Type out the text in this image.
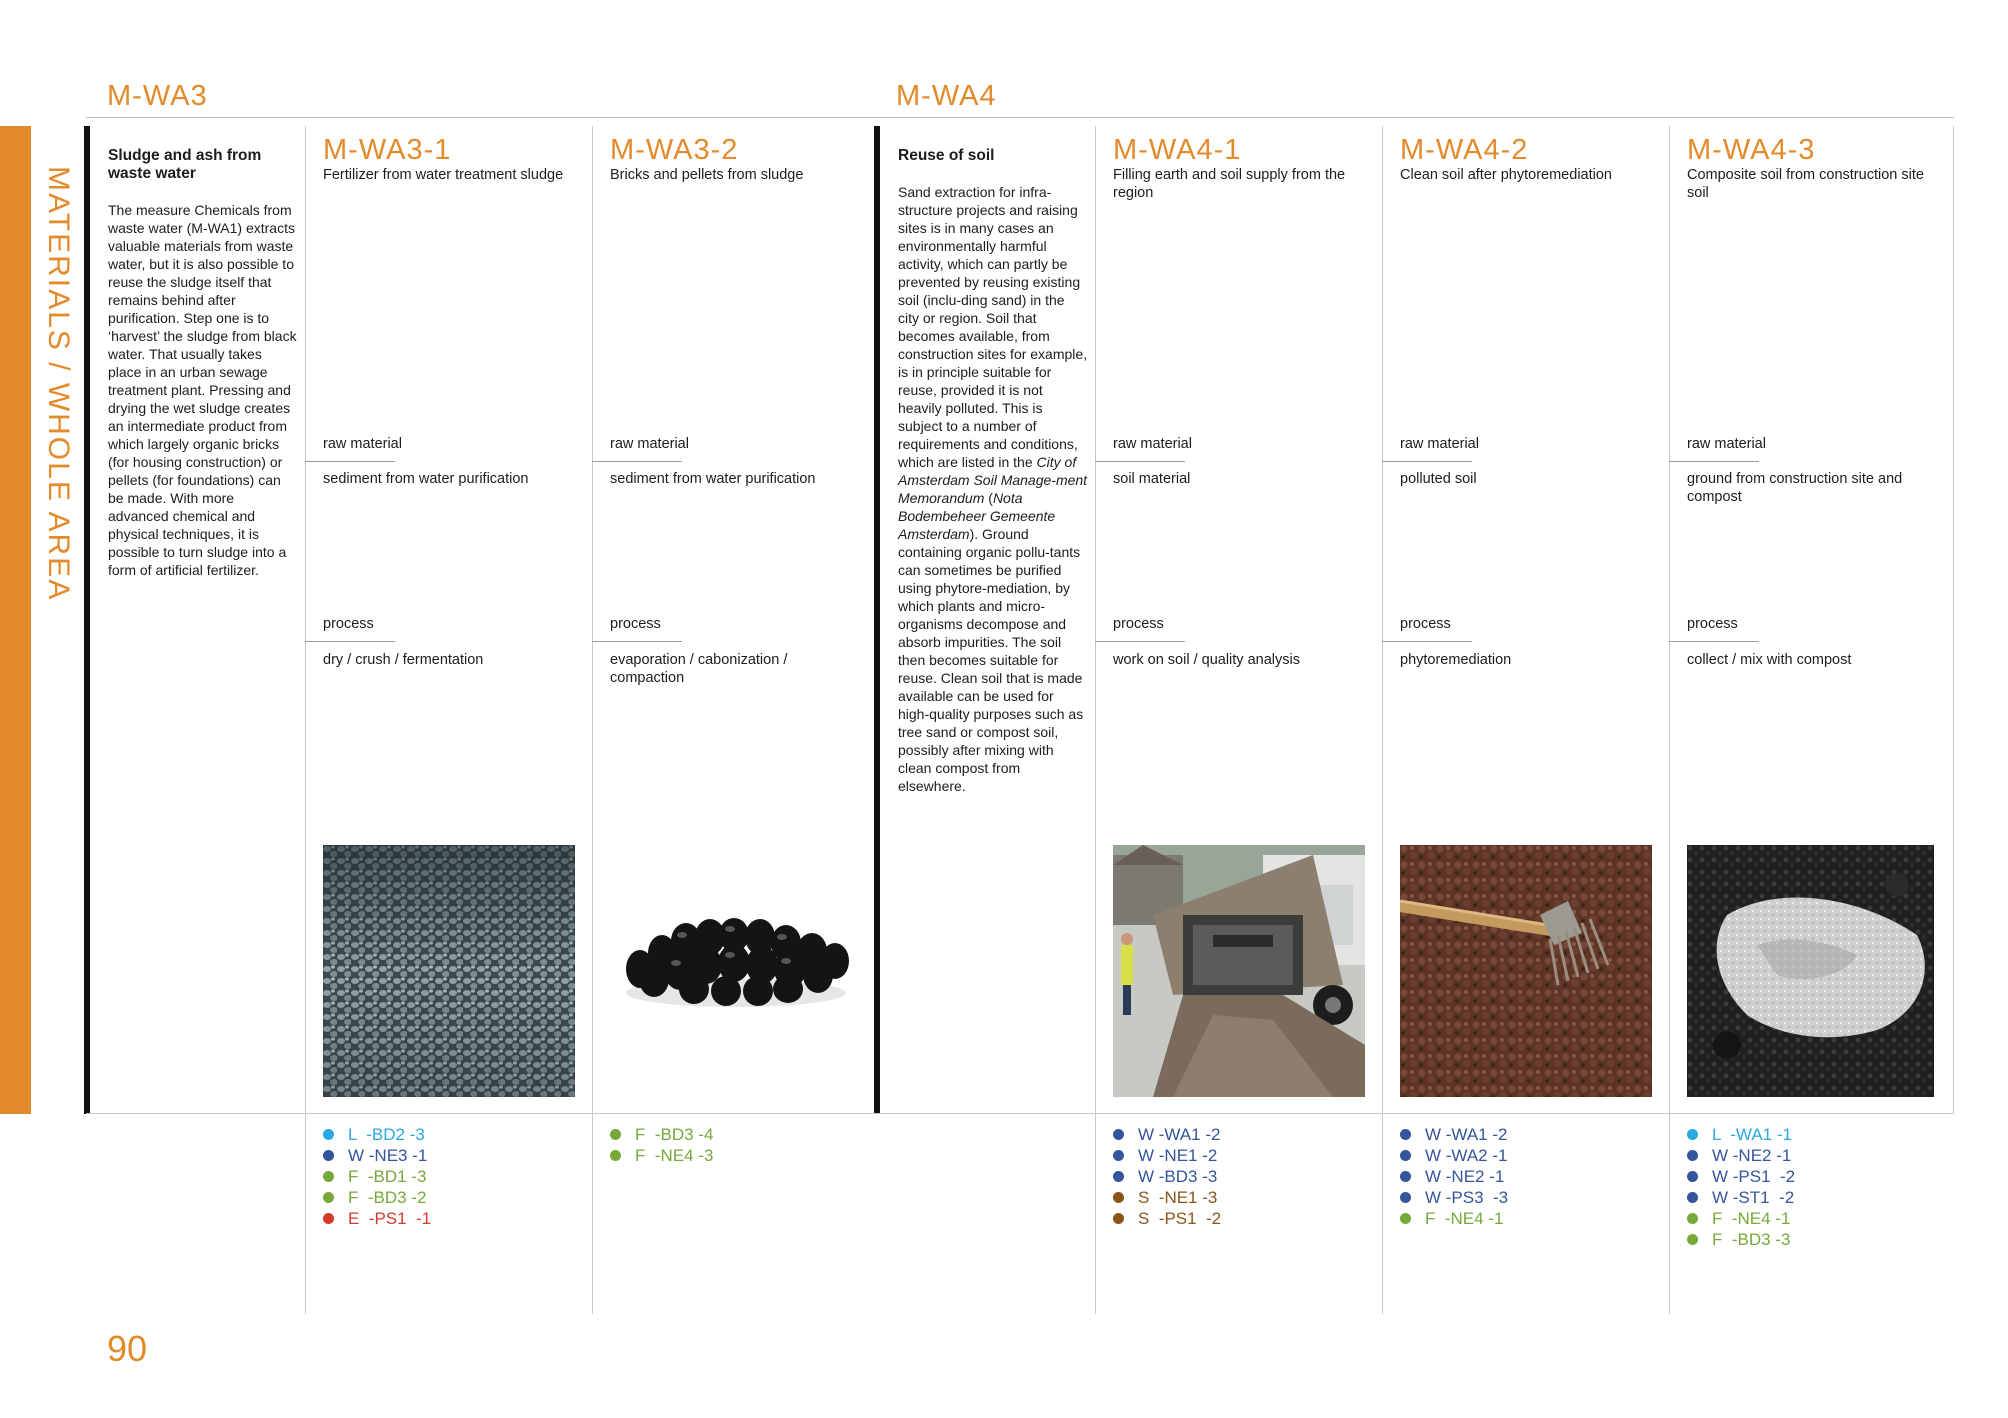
MATERIALS / WHOLE AREA
M-WA3	M-WA4
Sludge and ash from waste water
The measure Chemicals from waste water (M-WA1) extracts valuable materials from waste water, but it is also possible to reuse the sludge itself that remains behind after purification. Step one is to ‘harvest’ the sludge from black water. That usually takes place in an urban sewage treatment plant. Pressing and drying the wet sludge creates an intermediate product from which largely organic bricks (for housing construction) or pellets (for foundations) can be made. With more advanced chemical and physical techniques, it is possible to turn sludge into a form of artificial fertilizer.
Reuse of soil
Sand extraction for infra-structure projects and raising sites is in many cases an environmentally harmful activity, which can partly be prevented by reusing existing soil (inclu-ding sand) in the city or region. Soil that becomes available, from construction sites for example, is in principle suitable for reuse, provided it is not heavily polluted. This is subject to a number of requirements and conditions, which are listed in the City of Amsterdam Soil Manage-ment Memorandum (Nota Bodembeheer Gemeente Amsterdam). Ground containing organic pollu-tants can sometimes be purified using phytore-mediation, by which plants and micro-organisms decompose and absorb impurities. The soil then becomes suitable for reuse. Clean soil that is made available can be used for high-quality purposes such as tree sand or compost soil, possibly after mixing with clean compost from elsewhere.
M-WA3-1
Fertilizer from water treatment sludge
raw material
sediment from water purification
process
dry / crush / fermentation
L  -BD2 -3
W -NE3 -1
F  -BD1 -3
F  -BD3 -2
E  -PS1  -1
M-WA3-2
Bricks and pellets from sludge
raw material
sediment from water purification
process
evaporation / cabonization / compaction
F  -BD3 -4
F  -NE4 -3
M-WA4-1
Filling earth and soil supply from the region
raw material
soil material
process
work on soil / quality analysis
W -WA1 -2
W -NE1 -2
W -BD3 -3
S  -NE1 -3
S  -PS1  -2
M-WA4-2
Clean soil after phytoremediation
raw material
polluted soil
process
phytoremediation
W -WA1 -2
W -WA2 -1
W -NE2 -1
W -PS3  -3
F  -NE4 -1
M-WA4-3
Composite soil from construction site soil
raw material
ground from construction site and compost
process
collect / mix with compost
L  -WA1 -1
W -NE2 -1
W -PS1  -2
W -ST1  -2
F  -NE4 -1
F  -BD3 -3
90
